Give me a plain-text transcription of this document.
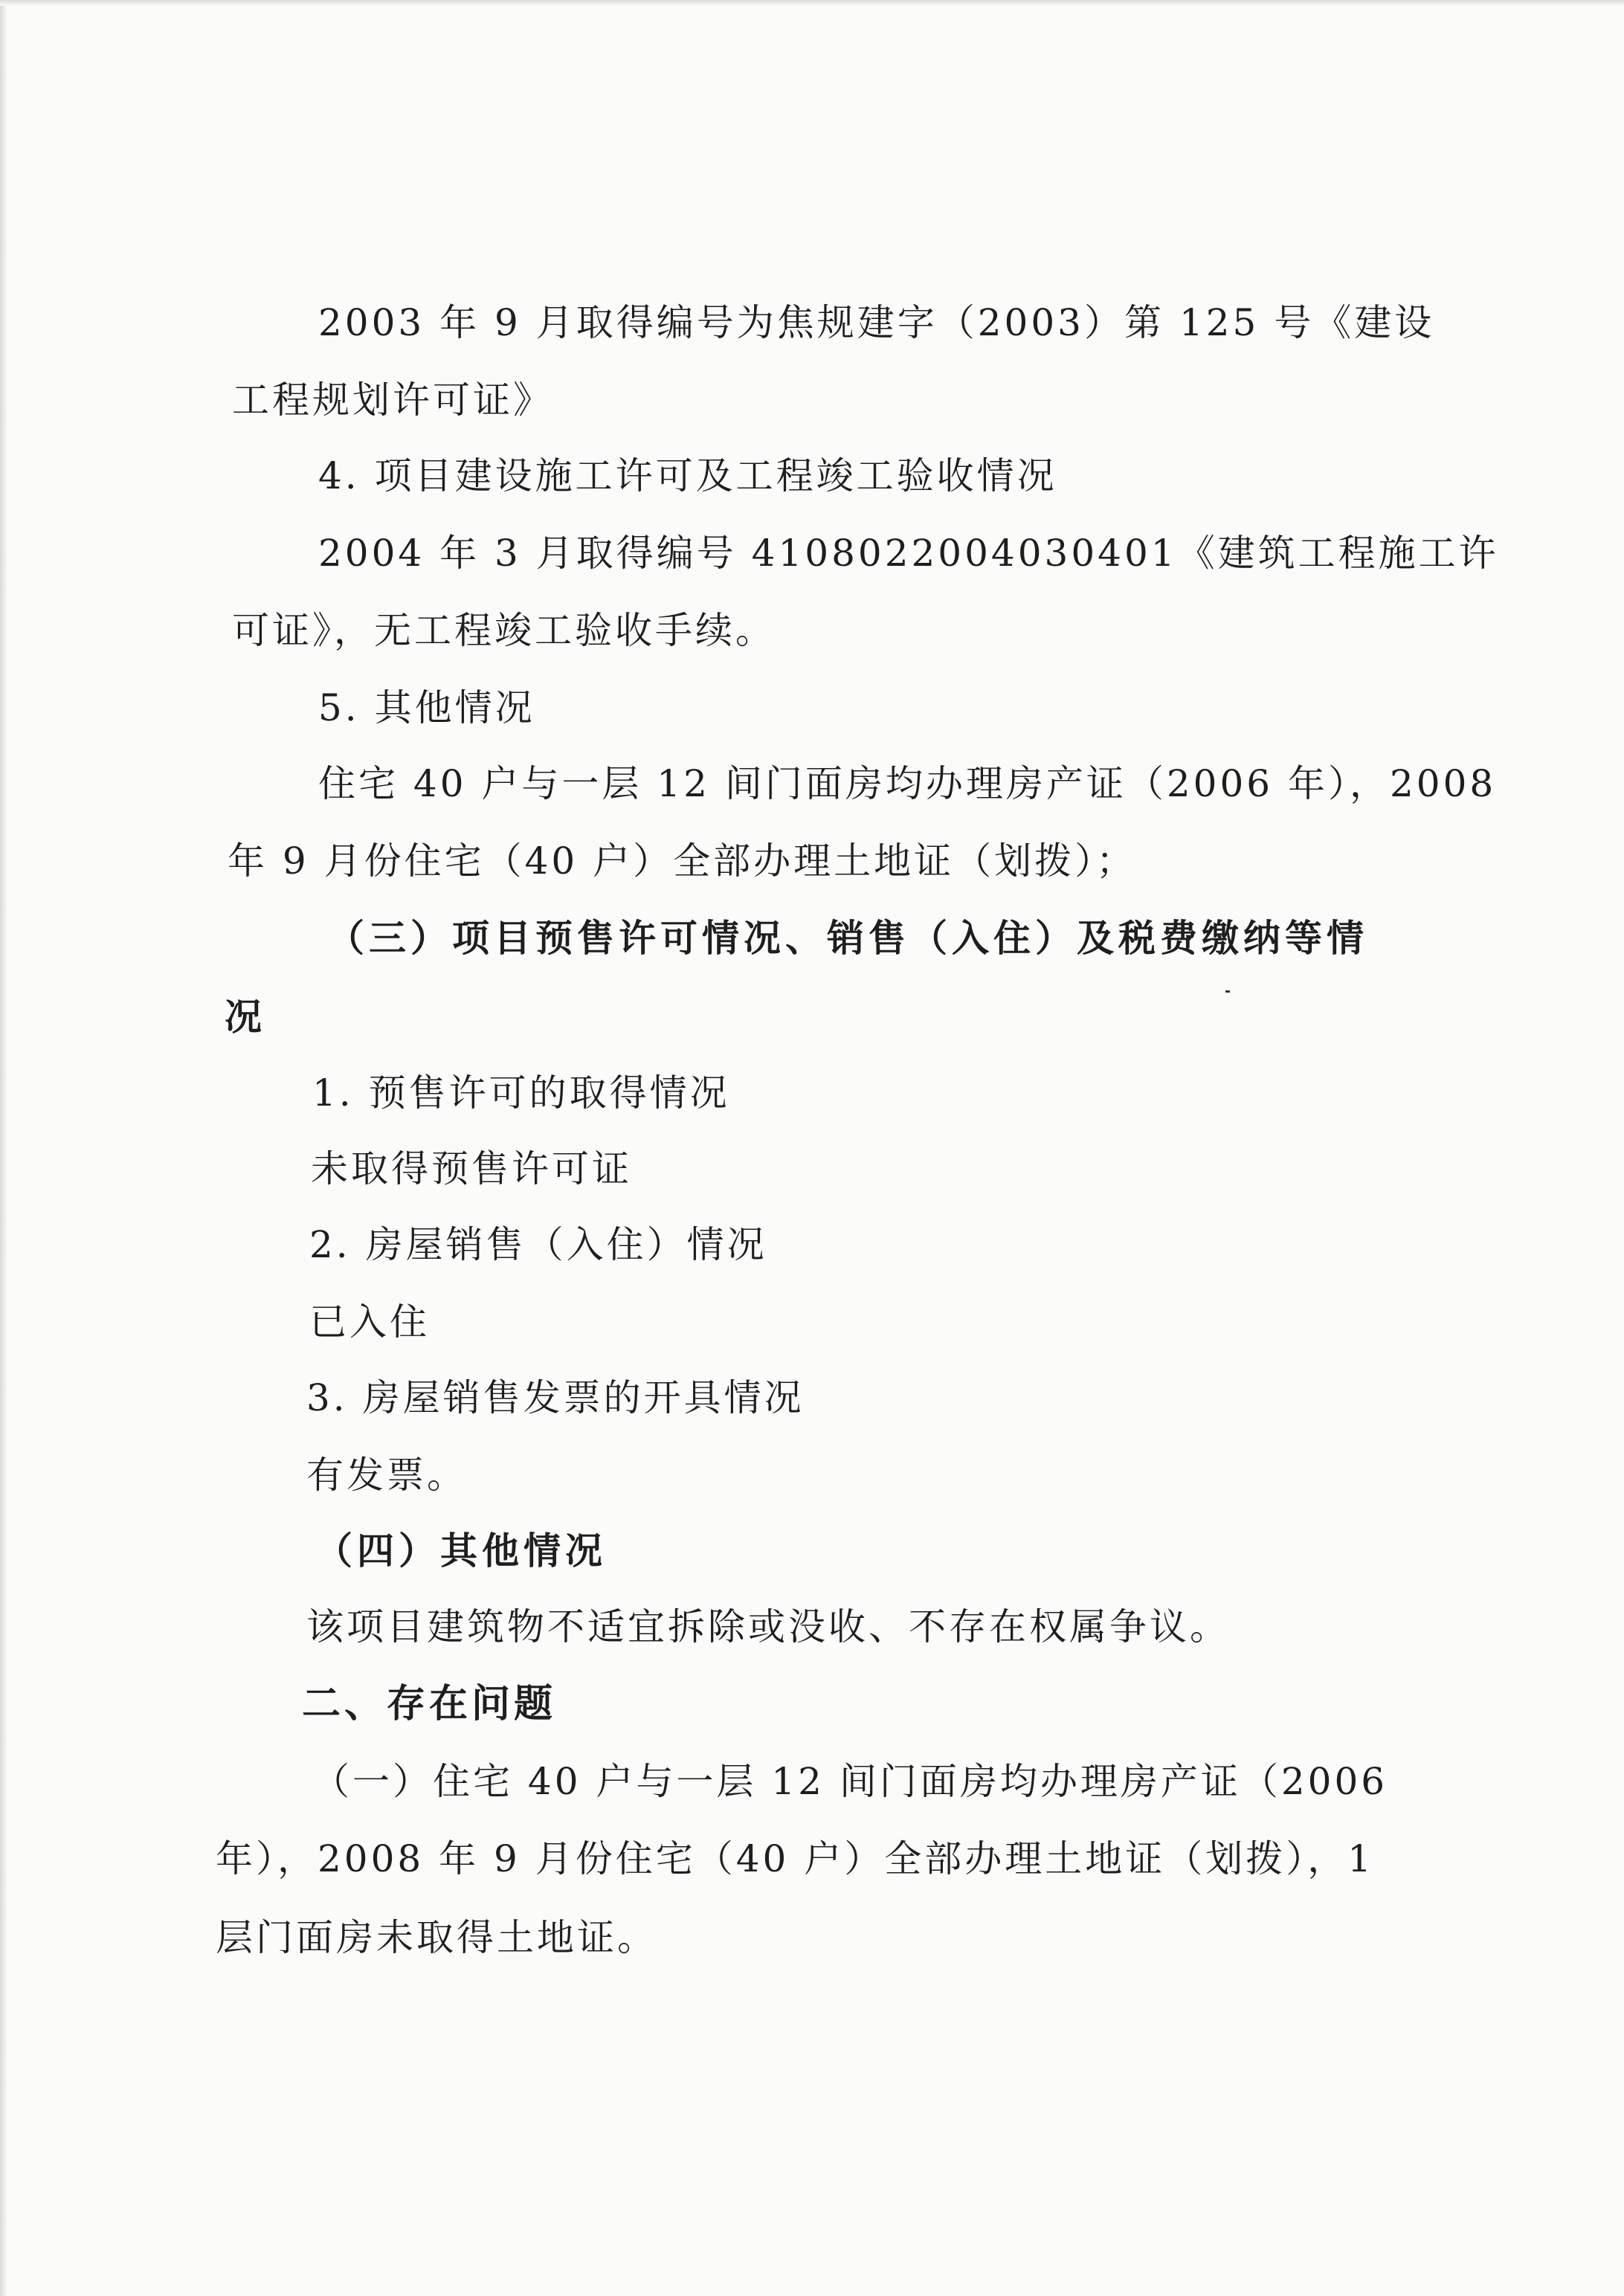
2003 年 9 月取得编号为焦规建字（2003）第 125 号《建设
工程规划许可证》
4. 项目建设施工许可及工程竣工验收情况
2004 年 3 月取得编号 4108022004030401《建筑工程施工许
可证》，无工程竣工验收手续。
5. 其他情况
住宅 40 户与一层 12 间门面房均办理房产证（2006 年），2008
年 9 月份住宅（40 户）全部办理土地证（划拨）；
（三）项目预售许可情况、销售（入住）及税费缴纳等情
况
1. 预售许可的取得情况
未取得预售许可证
2. 房屋销售（入住）情况
已入住
3. 房屋销售发票的开具情况
有发票。
（四）其他情况
该项目建筑物不适宜拆除或没收、不存在权属争议。
二、存在问题
（一）住宅 40 户与一层 12 间门面房均办理房产证（2006
年），2008 年 9 月份住宅（40 户）全部办理土地证（划拨），1
层门面房未取得土地证。
